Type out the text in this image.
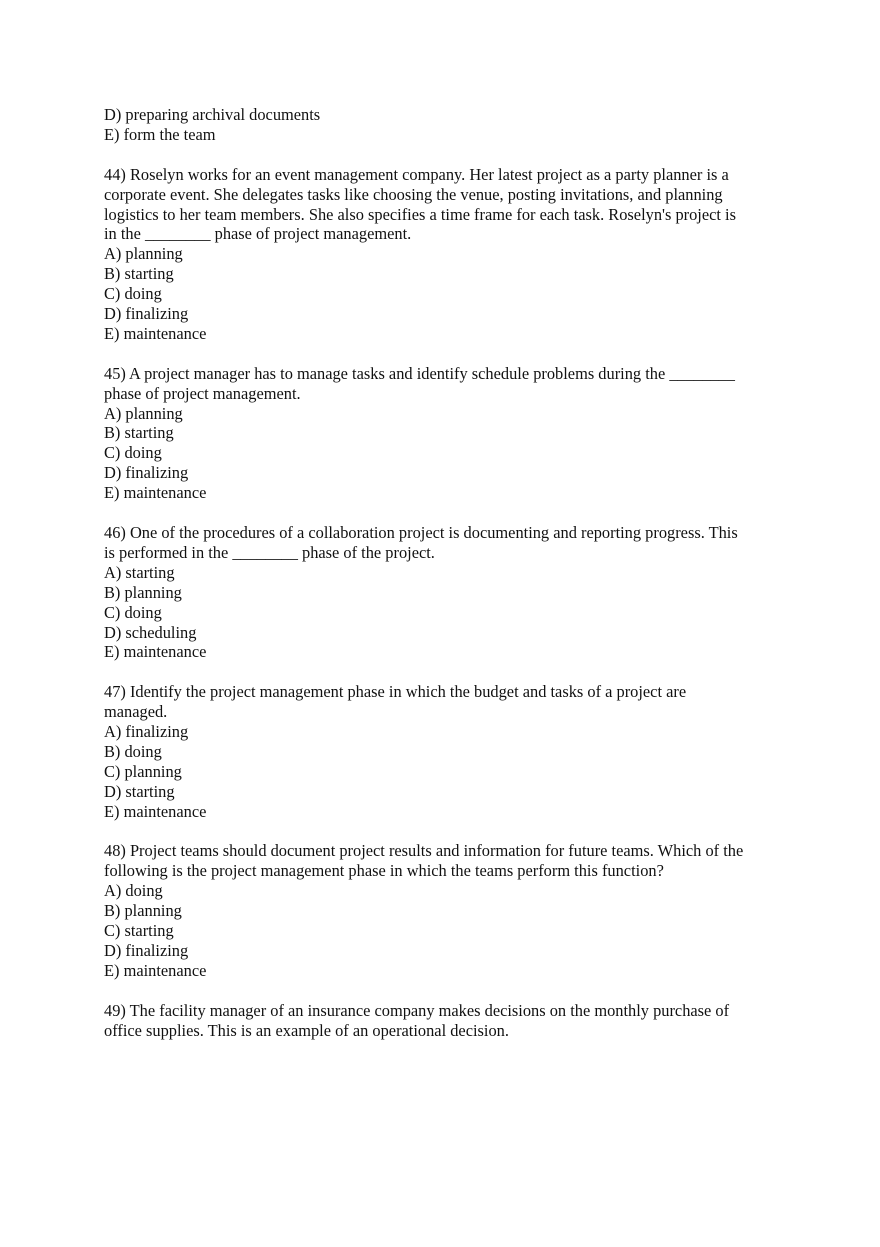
D) preparing archival documents
E) form the team
44) Roselyn works for an event management company. Her latest project as a party planner is a
corporate event. She delegates tasks like choosing the venue, posting invitations, and planning
logistics to her team members. She also specifies a time frame for each task. Roselyn's project is
in the ________ phase of project management.
A) planning
B) starting
C) doing
D) finalizing
E) maintenance
45) A project manager has to manage tasks and identify schedule problems during the ________
phase of project management.
A) planning
B) starting
C) doing
D) finalizing
E) maintenance
46) One of the procedures of a collaboration project is documenting and reporting progress. This
is performed in the ________ phase of the project.
A) starting
B) planning
C) doing
D) scheduling
E) maintenance
47) Identify the project management phase in which the budget and tasks of a project are
managed.
A) finalizing
B) doing
C) planning
D) starting
E) maintenance
48) Project teams should document project results and information for future teams. Which of the
following is the project management phase in which the teams perform this function?
A) doing
B) planning
C) starting
D) finalizing
E) maintenance
49) The facility manager of an insurance company makes decisions on the monthly purchase of
office supplies. This is an example of an operational decision.
